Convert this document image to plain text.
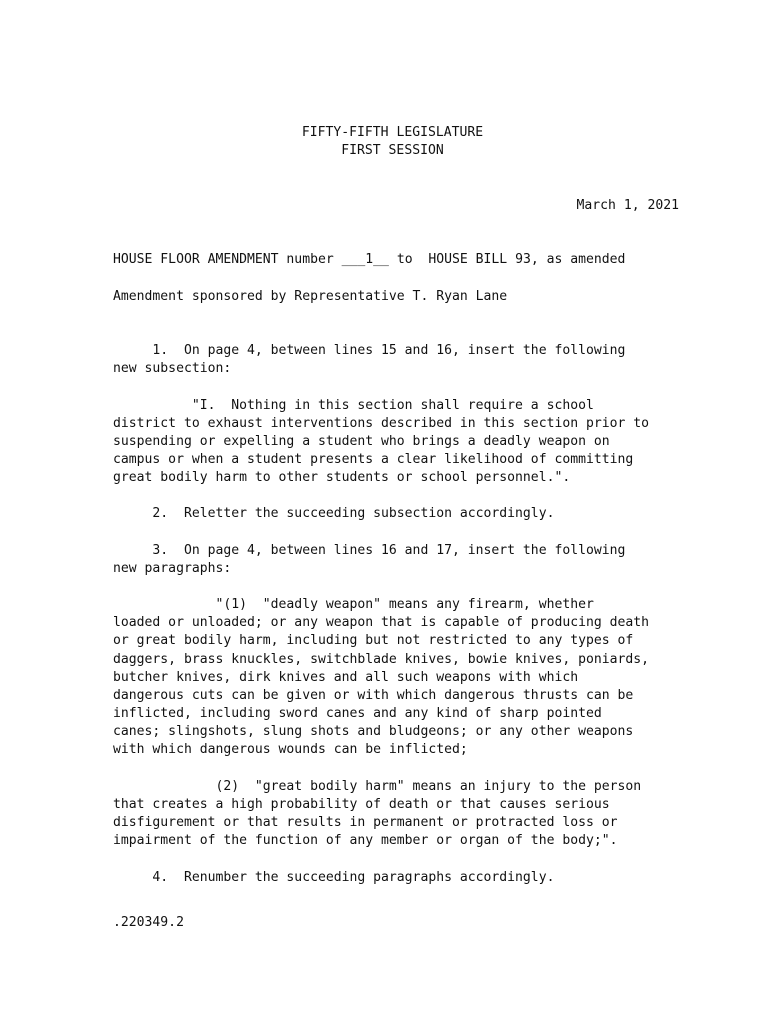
FIFTY-FIFTH LEGISLATURE
FIRST SESSION
March 1, 2021
HOUSE FLOOR AMENDMENT number ___1__ to  HOUSE BILL 93, as amended
Amendment sponsored by Representative T. Ryan Lane
1.  On page 4, between lines 15 and 16, insert the following
new subsection:
"I.  Nothing in this section shall require a school
district to exhaust interventions described in this section prior to
suspending or expelling a student who brings a deadly weapon on
campus or when a student presents a clear likelihood of committing
great bodily harm to other students or school personnel.".
2.  Reletter the succeeding subsection accordingly.
3.  On page 4, between lines 16 and 17, insert the following
new paragraphs:
"(1)  "deadly weapon" means any firearm, whether
loaded or unloaded; or any weapon that is capable of producing death
or great bodily harm, including but not restricted to any types of
daggers, brass knuckles, switchblade knives, bowie knives, poniards,
butcher knives, dirk knives and all such weapons with which
dangerous cuts can be given or with which dangerous thrusts can be
inflicted, including sword canes and any kind of sharp pointed
canes; slingshots, slung shots and bludgeons; or any other weapons
with which dangerous wounds can be inflicted;
(2)  "great bodily harm" means an injury to the person
that creates a high probability of death or that causes serious
disfigurement or that results in permanent or protracted loss or
impairment of the function of any member or organ of the body;".
4.  Renumber the succeeding paragraphs accordingly.
.220349.2
